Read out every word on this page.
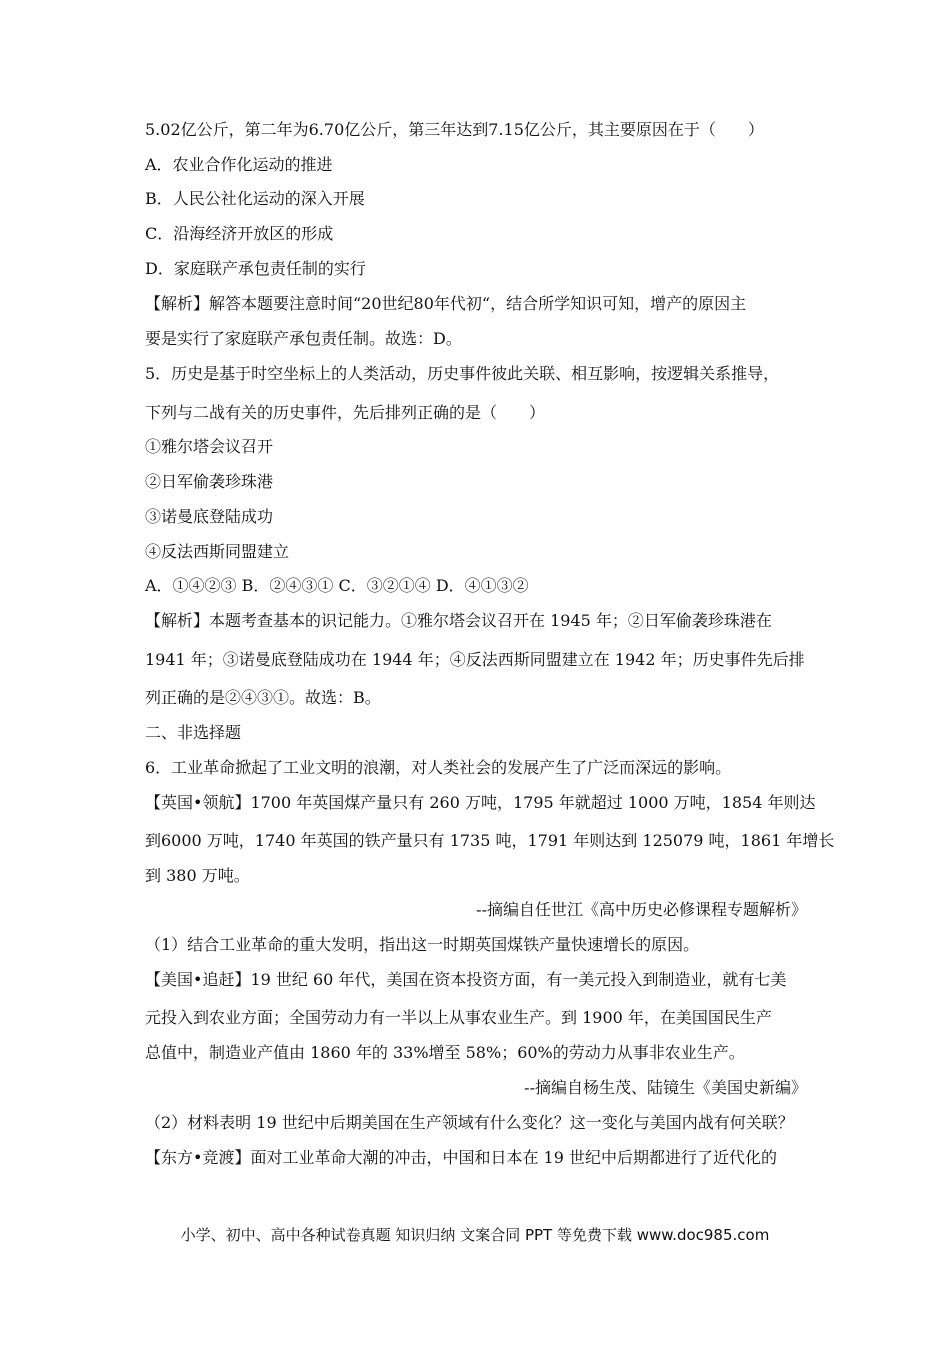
5.02亿公斤，第二年为6.70亿公斤，第三年达到7.15亿公斤，其主要原因在于（　　）
A．农业合作化运动的推进
B．人民公社化运动的深入开展
C．沿海经济开放区的形成
D．家庭联产承包责任制的实行
【解析】解答本题要注意时间“20世纪80年代初“，结合所学知识可知，增产的原因主
要是实行了家庭联产承包责任制。故选：D。
5．历史是基于时空坐标上的人类活动，历史事件彼此关联、相互影响，按逻辑关系推导，
下列与二战有关的历史事件，先后排列正确的是（　　）
①雅尔塔会议召开
②日军偷袭珍珠港
③诺曼底登陆成功
④反法西斯同盟建立
A．①④②③ B．②④③① C．③②①④ D．④①③②
【解析】本题考查基本的识记能力。①雅尔塔会议召开在 1945 年；②日军偷袭珍珠港在
1941 年；③诺曼底登陆成功在 1944 年；④反法西斯同盟建立在 1942 年；历史事件先后排
列正确的是②④③①。故选：B。
二、非选择题
6．工业革命掀起了工业文明的浪潮，对人类社会的发展产生了广泛而深远的影响。
【英国•领航】1700 年英国煤产量只有 260 万吨，1795 年就超过 1000 万吨，1854 年则达
到6000 万吨，1740 年英国的铁产量只有 1735 吨，1791 年则达到 125079 吨，1861 年增长
到 380 万吨。
--摘编自任世江《高中历史必修课程专题解析》
（1）结合工业革命的重大发明，指出这一时期英国煤铁产量快速增长的原因。
【美国•追赶】19 世纪 60 年代，美国在资本投资方面，有一美元投入到制造业，就有七美
元投入到农业方面；全国劳动力有一半以上从事农业生产。到 1900 年，在美国国民生产
总值中，制造业产值由 1860 年的 33%增至 58%；60%的劳动力从事非农业生产。
--摘编自杨生茂、陆镜生《美国史新编》
（2）材料表明 19 世纪中后期美国在生产领域有什么变化？这一变化与美国内战有何关联？
【东方•竞渡】面对工业革命大潮的冲击，中国和日本在 19 世纪中后期都进行了近代化的
小学、初中、高中各种试卷真题 知识归纳 文案合同 PPT 等免费下载 www.doc985.com
